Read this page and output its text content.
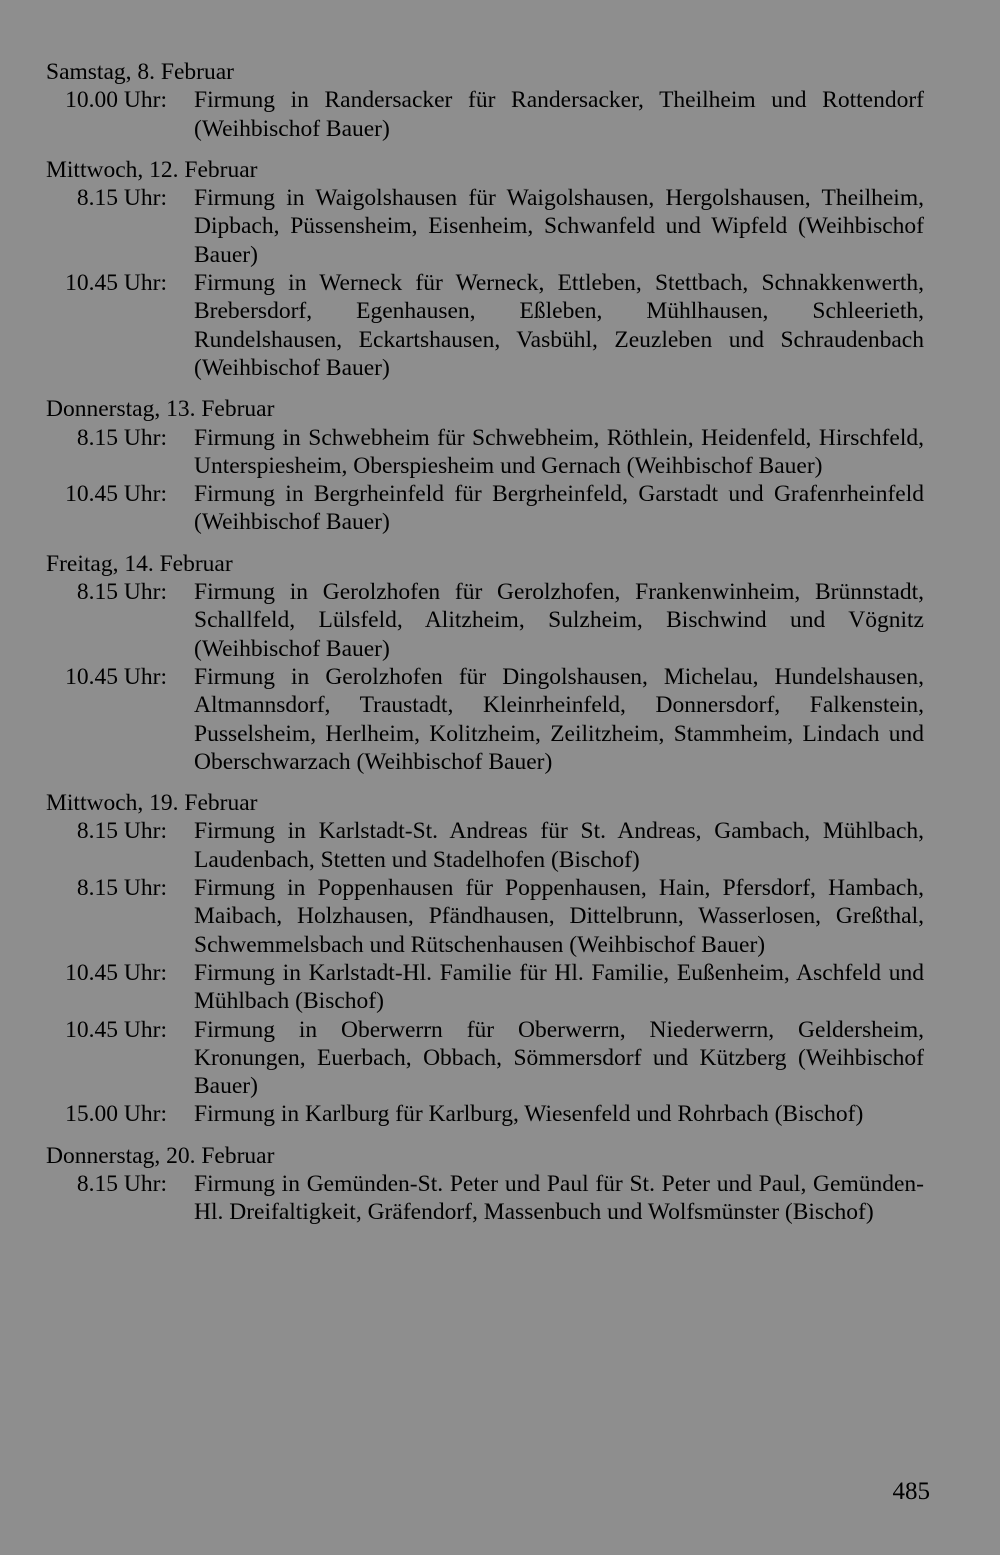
Samstag, 8. Februar

10.00 Uhr: Firmung in Randersacker für Randersacker, Theilheim und Rottendorf (Weihbischof Bauer)

Mittwoch, 12. Februar

8.15 Uhr: Firmung in Waigolshausen für Waigolshausen, Hergolshausen, Theilheim, Dipbach, Püssensheim, Eisenheim, Schwanfeld und Wipfeld (Weihbischof Bauer)
10.45 Uhr: Firmung in Werneck für Werneck, Ettleben, Stettbach, Schnakkenwerth, Brebersdorf, Egenhausen, Eßleben, Mühlhausen, Schleerieth, Rundelshausen, Eckartshausen, Vasbühl, Zeuzleben und Schraudenbach (Weihbischof Bauer)

Donnerstag, 13. Februar

8.15 Uhr: Firmung in Schwebheim für Schwebheim, Röthlein, Heidenfeld, Hirschfeld, Unterspiesheim, Oberspiesheim und Gernach (Weihbischof Bauer)
10.45 Uhr: Firmung in Bergrheinfeld für Bergrheinfeld, Garstadt und Grafenrheinfeld (Weihbischof Bauer)

Freitag, 14. Februar

8.15 Uhr: Firmung in Gerolzhofen für Gerolzhofen, Frankenwinheim, Brünnstadt, Schallfeld, Lülsfeld, Alitzheim, Sulzheim, Bischwind und Vögnitz (Weihbischof Bauer)
10.45 Uhr: Firmung in Gerolzhofen für Dingolshausen, Michelau, Hundelshausen, Altmannsdorf, Traustadt, Kleinrheinfeld, Donnersdorf, Falkenstein, Pusselsheim, Herlheim, Kolitzheim, Zeilitzheim, Stammheim, Lindach und Oberschwarzach (Weihbischof Bauer)

Mittwoch, 19. Februar

8.15 Uhr: Firmung in Karlstadt-St. Andreas für St. Andreas, Gambach, Mühlbach, Laudenbach, Stetten und Stadelhofen (Bischof)
8.15 Uhr: Firmung in Poppenhausen für Poppenhausen, Hain, Pfersdorf, Hambach, Maibach, Holzhausen, Pfändhausen, Dittelbrunn, Wasserlosen, Greßthal, Schwemmelsbach und Rütschenhausen (Weihbischof Bauer)
10.45 Uhr: Firmung in Karlstadt-Hl. Familie für Hl. Familie, Eußenheim, Aschfeld und Mühlbach (Bischof)
10.45 Uhr: Firmung in Oberwerrn für Oberwerrn, Niederwerrn, Geldersheim, Kronungen, Euerbach, Obbach, Sömmersdorf und Kützberg (Weihbischof Bauer)
15.00 Uhr: Firmung in Karlburg für Karlburg, Wiesenfeld und Rohrbach (Bischof)

Donnerstag, 20. Februar

8.15 Uhr: Firmung in Gemünden-St. Peter und Paul für St. Peter und Paul, Gemünden-Hl. Dreifaltigkeit, Gräfendorf, Massenbuch und Wolfsmünster (Bischof)
485
